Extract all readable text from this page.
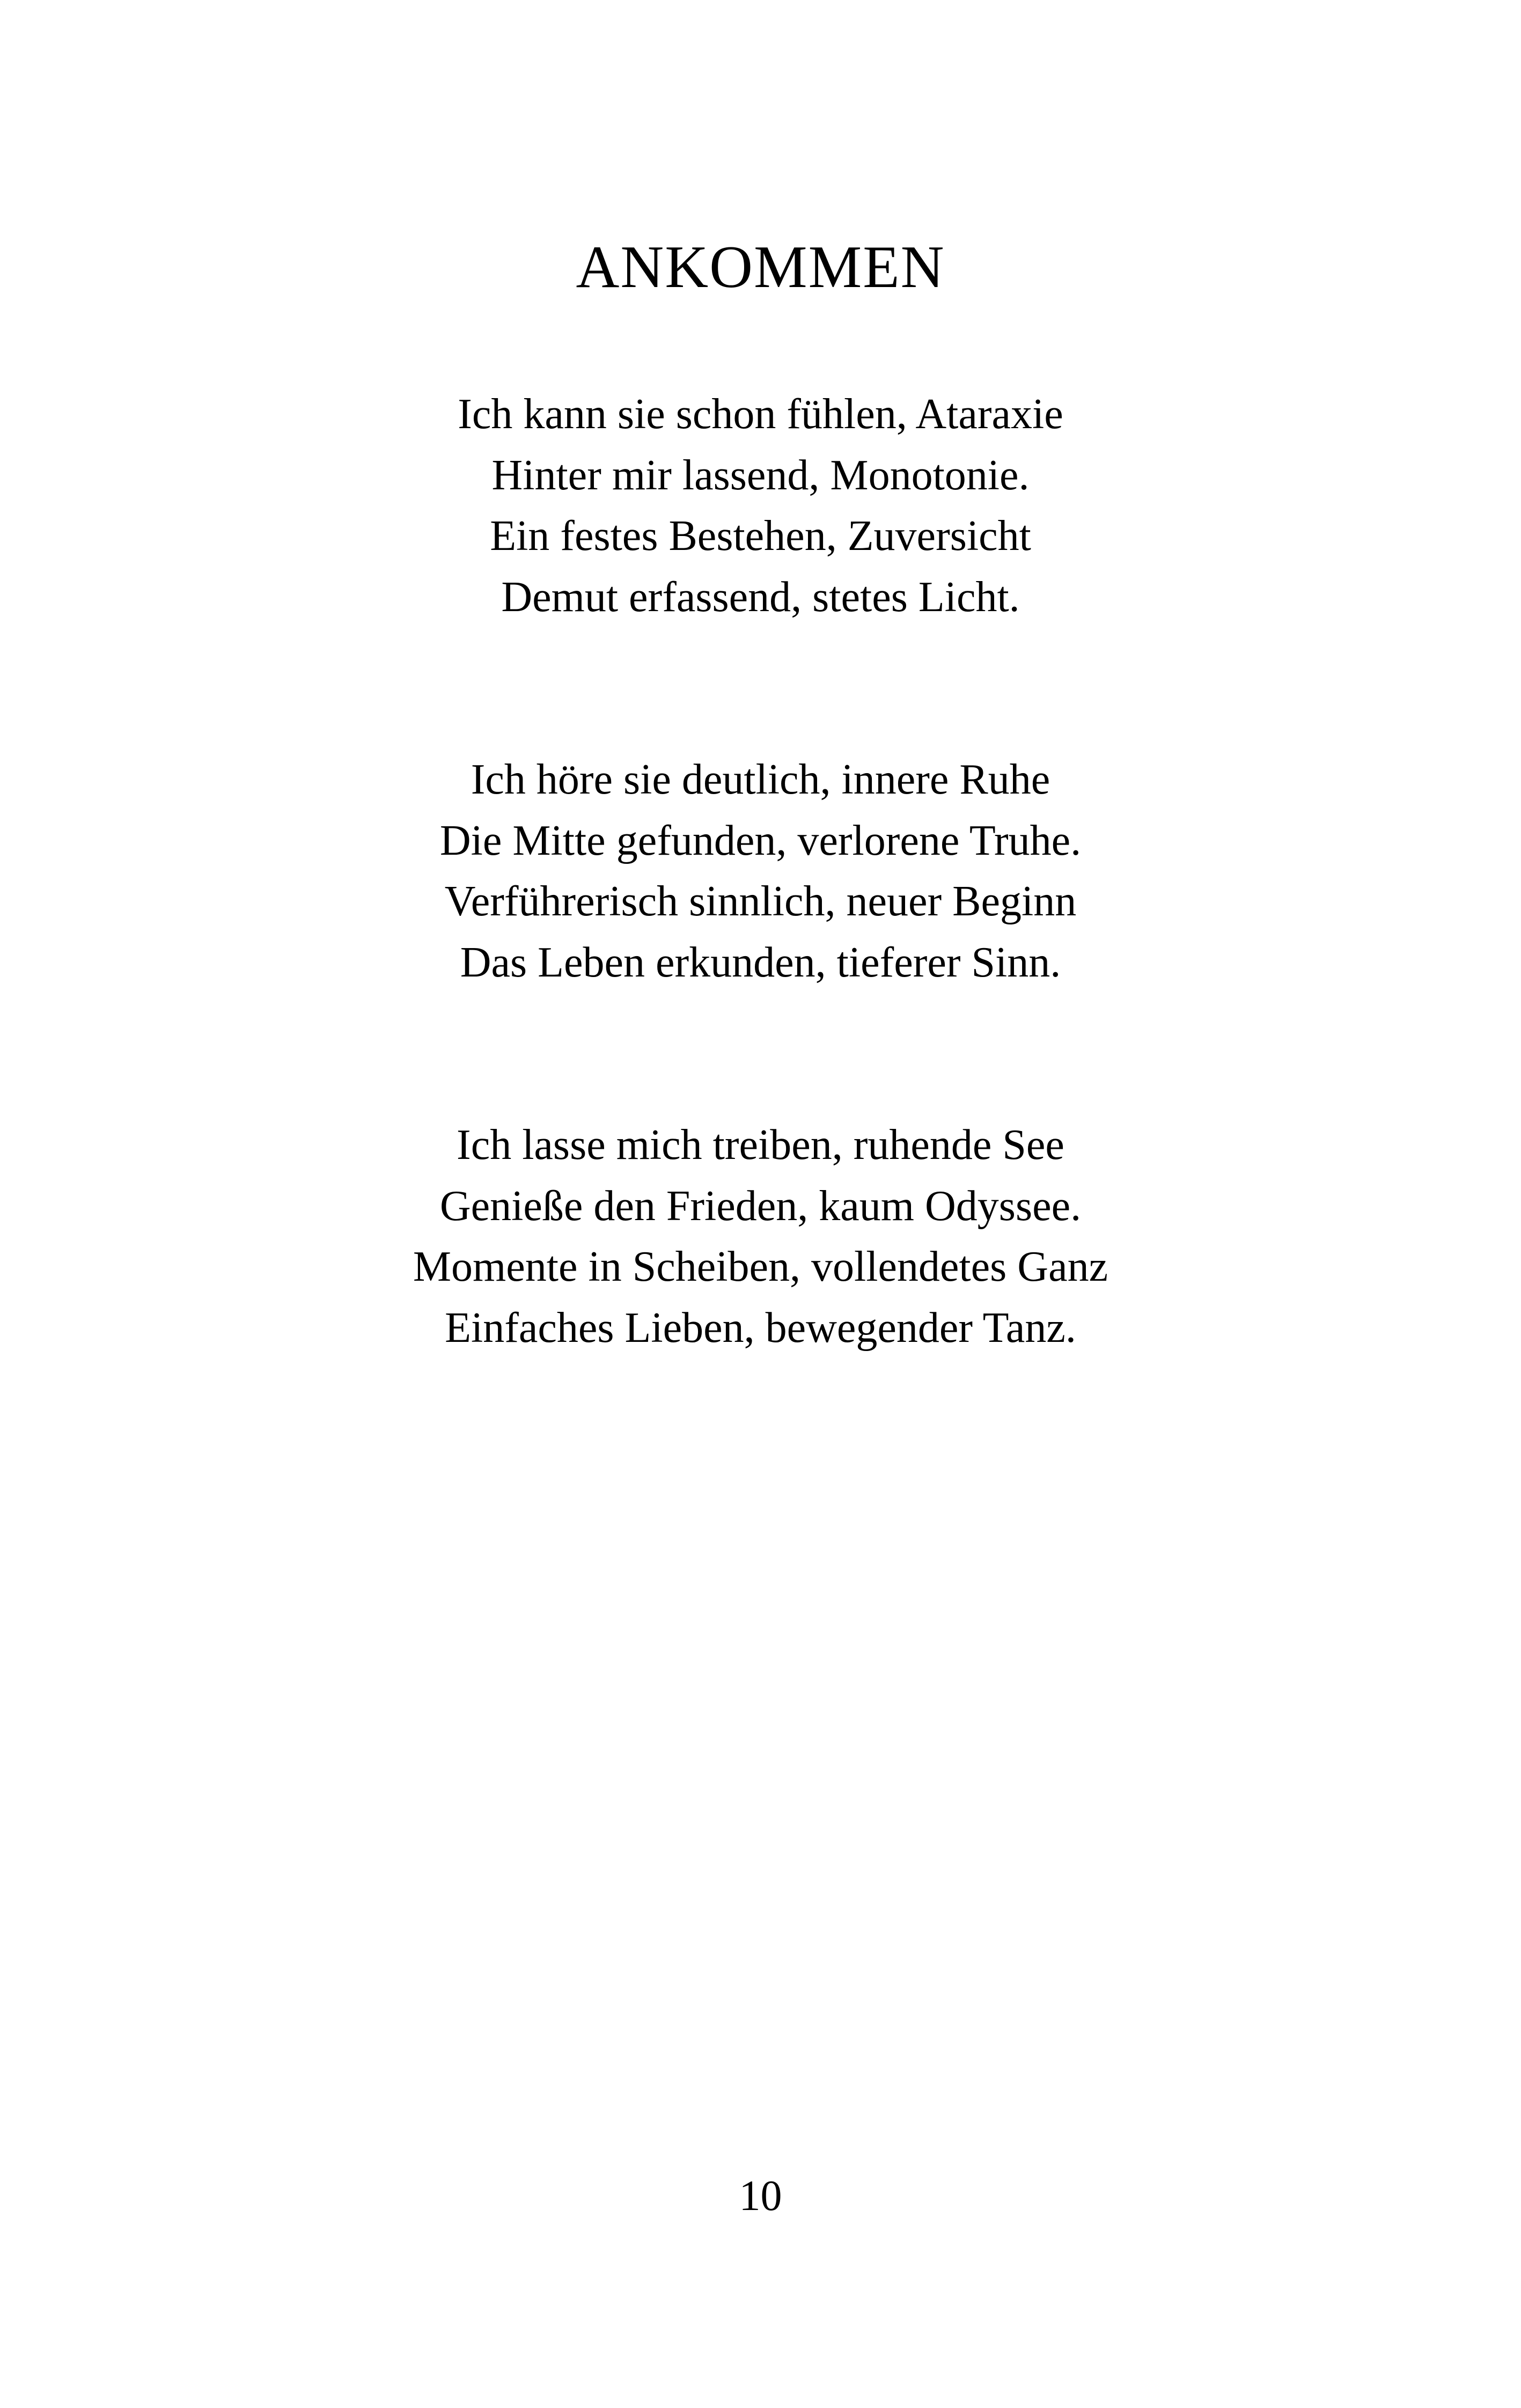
ANKOMMEN
Ich kann sie schon fühlen, Ataraxie
Hinter mir lassend, Monotonie.
Ein festes Bestehen, Zuversicht
Demut erfassend, stetes Licht.
Ich höre sie deutlich, innere Ruhe
Die Mitte gefunden, verlorene Truhe.
Verführerisch sinnlich, neuer Beginn
Das Leben erkunden, tieferer Sinn.
Ich lasse mich treiben, ruhende See
Genieße den Frieden, kaum Odyssee.
Momente in Scheiben, vollendetes Ganz
Einfaches Lieben, bewegender Tanz.
10
